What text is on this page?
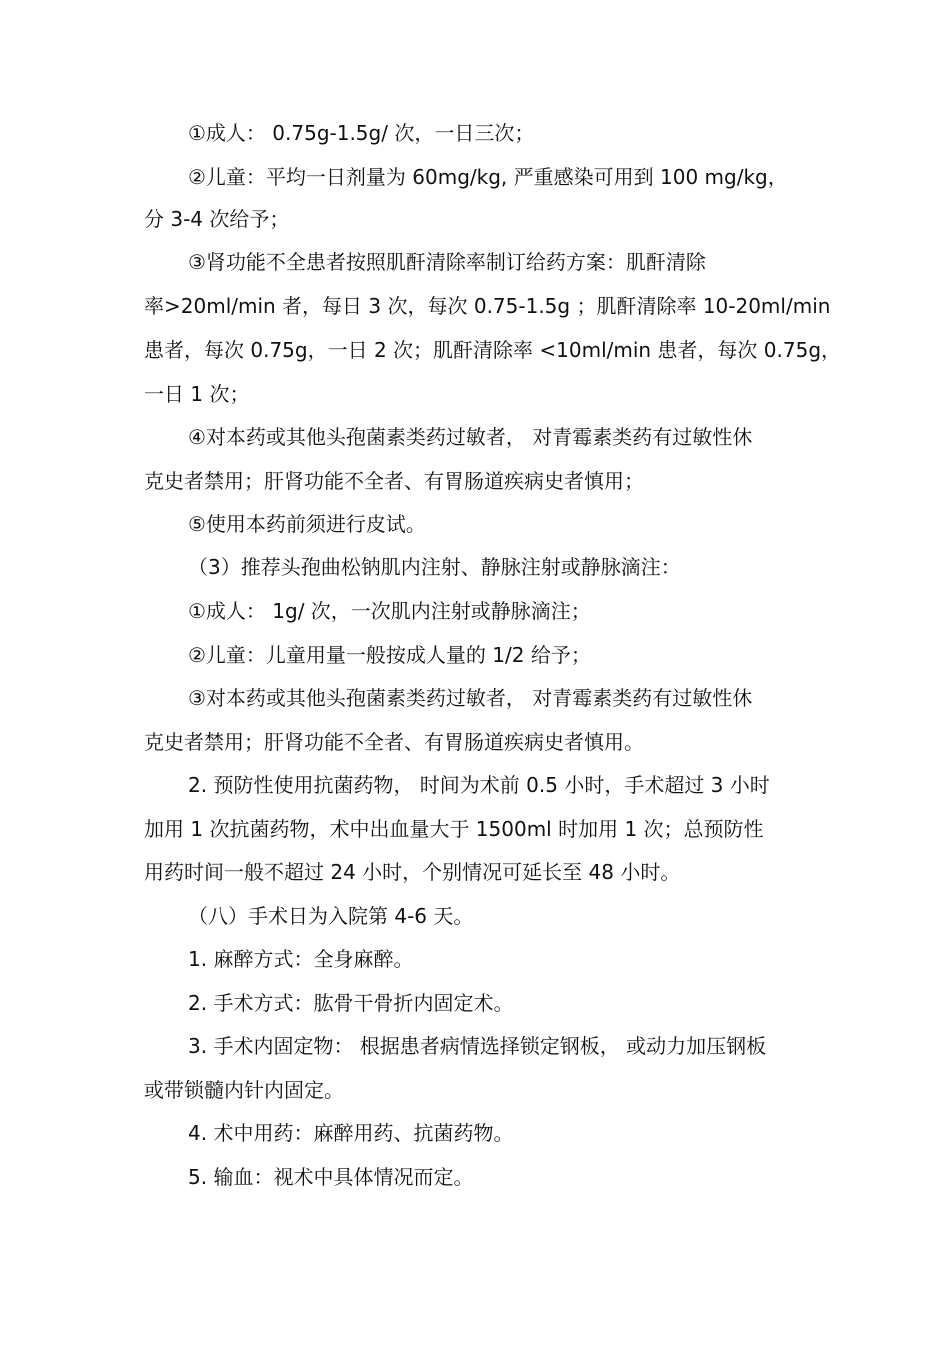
①成人： 0.75g-1.5g/ 次，一日三次；
②儿童：平均一日剂量为 60mg/kg, 严重感染可用到 100 mg/kg，
分 3-4 次给予；
③肾功能不全患者按照肌酐清除率制订给药方案：肌酐清除
率>20ml/min 者，每日 3 次，每次 0.75-1.5g ；肌酐清除率 10-20ml/min
患者，每次 0.75g，一日 2 次；肌酐清除率 <10ml/min 患者，每次 0.75g，
一日 1 次；
④对本药或其他头孢菌素类药过敏者， 对青霉素类药有过敏性休
克史者禁用；肝肾功能不全者、有胃肠道疾病史者慎用；
⑤使用本药前须进行皮试。
（3）推荐头孢曲松钠肌内注射、静脉注射或静脉滴注：
①成人： 1g/ 次，一次肌内注射或静脉滴注；
②儿童：儿童用量一般按成人量的 1/2 给予；
③对本药或其他头孢菌素类药过敏者， 对青霉素类药有过敏性休
克史者禁用；肝肾功能不全者、有胃肠道疾病史者慎用。
2. 预防性使用抗菌药物， 时间为术前 0.5 小时，手术超过 3 小时
加用 1 次抗菌药物，术中出血量大于 1500ml 时加用 1 次；总预防性
用药时间一般不超过 24 小时，个别情况可延长至 48 小时。
（八）手术日为入院第 4-6 天。
1. 麻醉方式：全身麻醉。
2. 手术方式：肱骨干骨折内固定术。
3. 手术内固定物： 根据患者病情选择锁定钢板， 或动力加压钢板
或带锁髓内针内固定。
4. 术中用药：麻醉用药、抗菌药物。
5. 输血：视术中具体情况而定。
